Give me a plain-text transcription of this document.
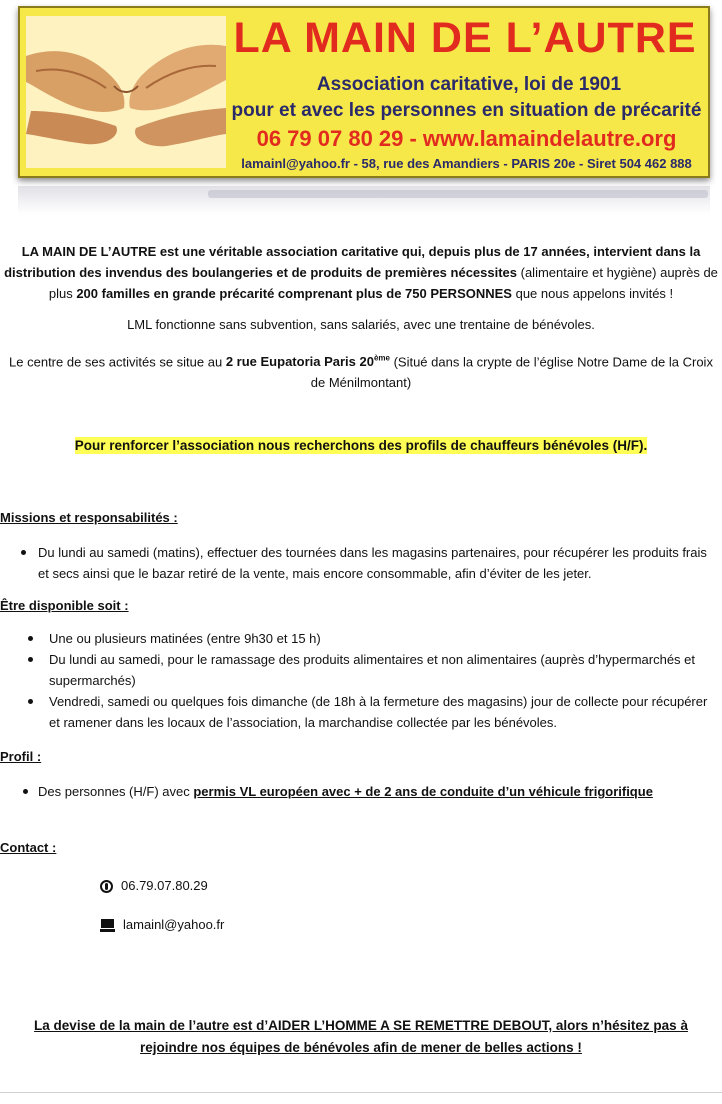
LA MAIN DE L’AUTRE
Association caritative, loi de 1901
pour et avec les personnes en situation de précarité
06 79 07 80 29 - www.lamaindelautre.org
lamainl@yahoo.fr - 58, rue des Amandiers - PARIS 20e - Siret 504 462 888
LA MAIN DE L’AUTRE est une véritable association caritative qui, depuis plus de 17 années, intervient dans la distribution des invendus des boulangeries et de produits de premières nécessites (alimentaire et hygiène) auprès de plus 200 familles en grande précarité comprenant plus de 750 PERSONNES que nous appelons invités !
LML fonctionne sans subvention, sans salariés, avec une trentaine de bénévoles.
Le centre de ses activités se situe au 2 rue Eupatoria Paris 20ème (Situé dans la crypte de l’église Notre Dame de la Croix de Ménilmontant)
Pour renforcer l’association nous recherchons des profils de chauffeurs bénévoles (H/F).
Missions et responsabilités :
Du lundi au samedi (matins), effectuer des tournées dans les magasins partenaires, pour récupérer les produits frais et secs ainsi que le bazar retiré de la vente, mais encore consommable, afin d’éviter de les jeter.
Être disponible soit :
Une ou plusieurs matinées (entre 9h30 et 15 h)
Du lundi au samedi, pour le ramassage des produits alimentaires et non alimentaires (auprès d’hypermarchés et supermarchés)
Vendredi, samedi ou quelques fois dimanche (de 18h à la fermeture des magasins) jour de collecte pour récupérer et ramener dans les locaux de l’association, la marchandise collectée par les bénévoles.
Profil :
Des personnes (H/F) avec permis VL européen avec + de 2 ans de conduite d’un véhicule frigorifique
Contact :
06.79.07.80.29
lamainl@yahoo.fr
La devise de la main de l’autre est d’AIDER L’HOMME A SE REMETTRE DEBOUT, alors n’hésitez pas à
rejoindre nos équipes de bénévoles afin de mener de belles actions !
